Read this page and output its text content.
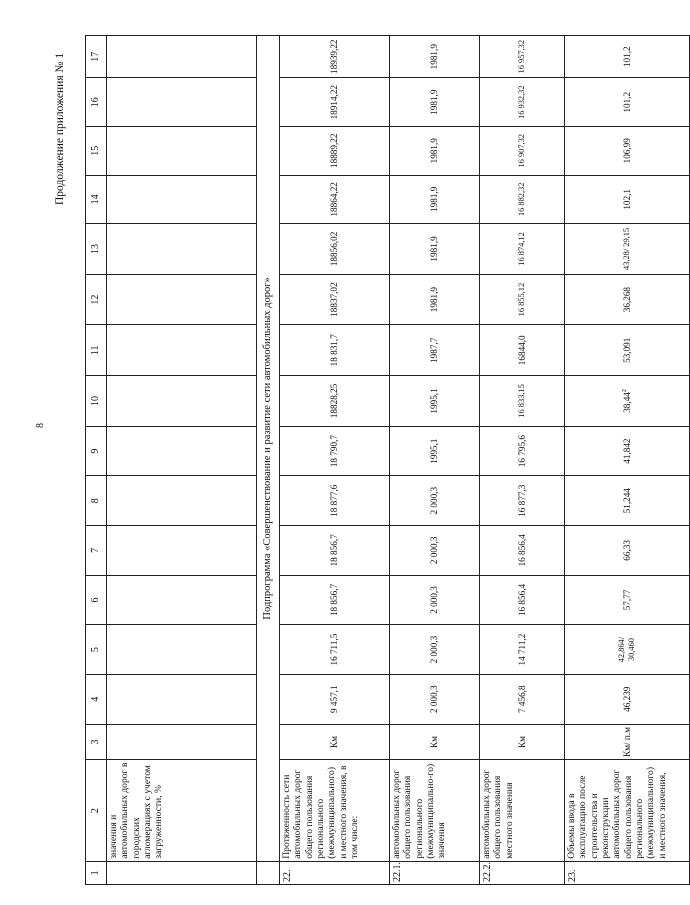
8
Продолжение приложения № 1
1	2	3	4	5	6	7	8	9	10	11	12	13	14	15	16	17
	значения и автомобильных дорог в городских агломерациях с учетом загруженности, %															
	Подпрограмма «Совершенствование и развитие сети автомобильных дорог»															
22.	Протяженность сети автомобильных дорог общего пользования регионального (межмуниципального) и местного значения, в том числе:	Км	9 457,1	16 711,5	18 856,7	18 856,7	18 877,6	18 790,7	18828,25	18 831,7	18837,02	18856,02	18864,22	18889,22	18914,22	18939,22
22.1.	автомобильных дорог общего пользования регионального (межмуниципально-го) значения	Км	2 000,3	2 000,3	2 000,3	2 000,3	2 000,3	1995,1	1995,1	1987,7	1981,9	1981,9	1981,9	1981,9	1981,9	1981,9
22.2.	автомобильных дорог общего пользования местного значения	Км	7 456,8	14 711,2	16 856,4	16 856,4	16 877,3	16 795,6	16 833,15	16844,0	16 855,12	16 874,12	16 882,32	16 907,32	16 932,32	16 957,32
23.	Объемы ввода в эксплуатацию после строительства и реконструкции автомобильных дорог общего пользования регионального (межмуниципального) и местного значения,	Км/ п.м	46,239	42,864/ 30,460	57,77	66,33	51,244	41,842	38,44$^2$	53,091	36,268	43,28/ 29,15	102,1	106,99	101,2	101,2
